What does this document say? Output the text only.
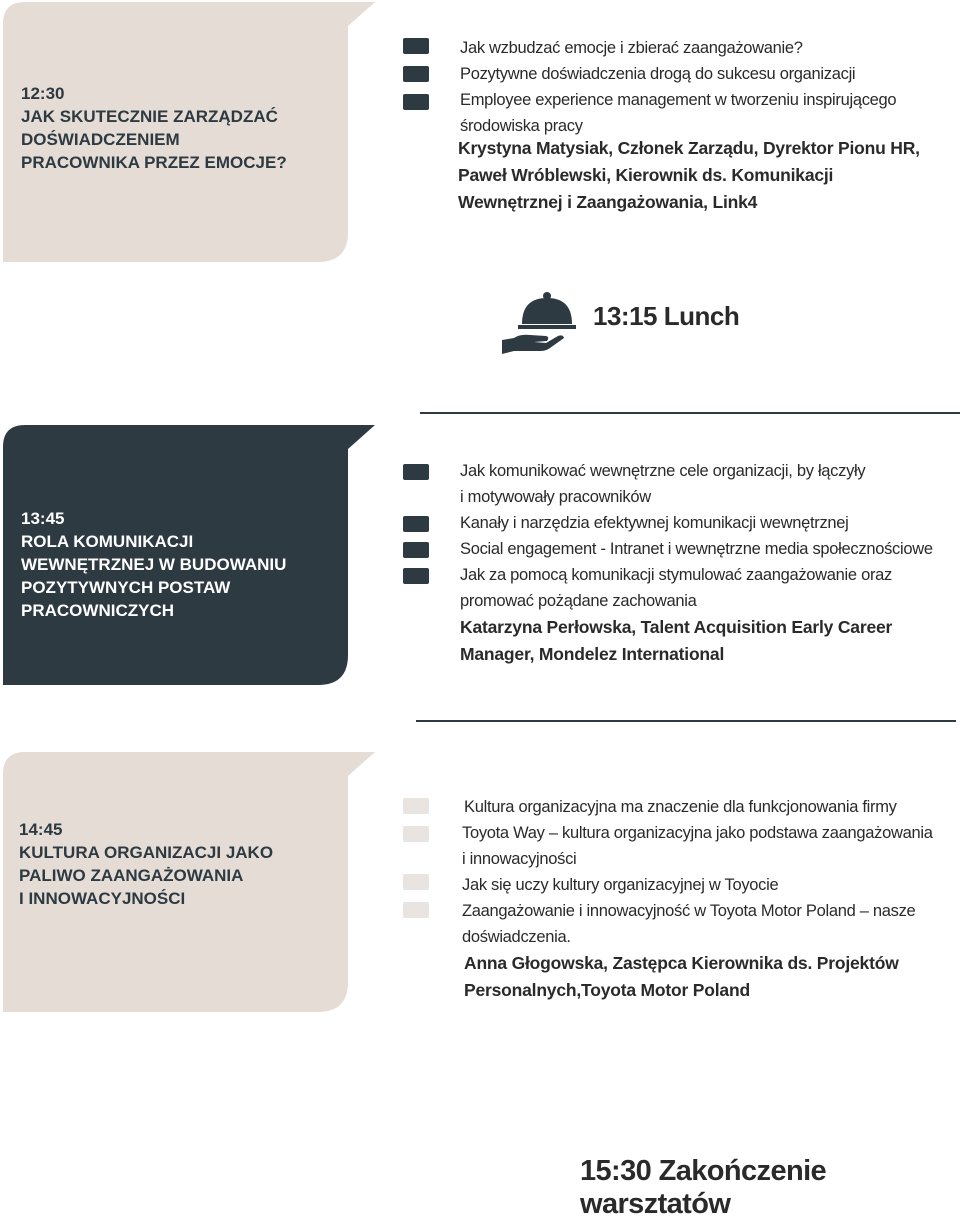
12:30
JAK SKUTECZNIE ZARZĄDZAĆ
DOŚWIADCZENIEM
PRACOWNIKA PRZEZ EMOCJE?
Jak wzbudzać emocje i zbierać zaangażowanie?
Pozytywne doświadczenia drogą do sukcesu organizacji
Employee experience management w tworzeniu inspirującego
środowiska pracy
Krystyna Matysiak, Członek Zarządu, Dyrektor Pionu HR,
Paweł Wróblewski, Kierownik ds. Komunikacji
Wewnętrznej i Zaangażowania, Link4
13:15 Lunch
13:45
ROLA KOMUNIKACJI
WEWNĘTRZNEJ W BUDOWANIU
POZYTYWNYCH POSTAW
PRACOWNICZYCH
Jak komunikować wewnętrzne cele organizacji, by łączyły
i motywowały pracowników
Kanały i narzędzia efektywnej komunikacji wewnętrznej
Social engagement - Intranet i wewnętrzne media społecznościowe
Jak za pomocą komunikacji stymulować zaangażowanie oraz
promować pożądane zachowania
Katarzyna Perłowska, Talent Acquisition Early Career
Manager, Mondelez International
14:45
KULTURA ORGANIZACJI JAKO
PALIWO ZAANGAŻOWANIA
I INNOWACYJNOŚCI
Kultura organizacyjna ma znaczenie dla funkcjonowania firmy
Toyota Way – kultura organizacyjna jako podstawa zaangażowania
i innowacyjności
Jak się uczy kultury organizacyjnej w Toyocie
Zaangażowanie i innowacyjność w Toyota Motor Poland – nasze
doświadczenia.
Anna Głogowska, Zastępca Kierownika ds. Projektów
Personalnych,Toyota Motor Poland
15:30 Zakończenie warsztatów
